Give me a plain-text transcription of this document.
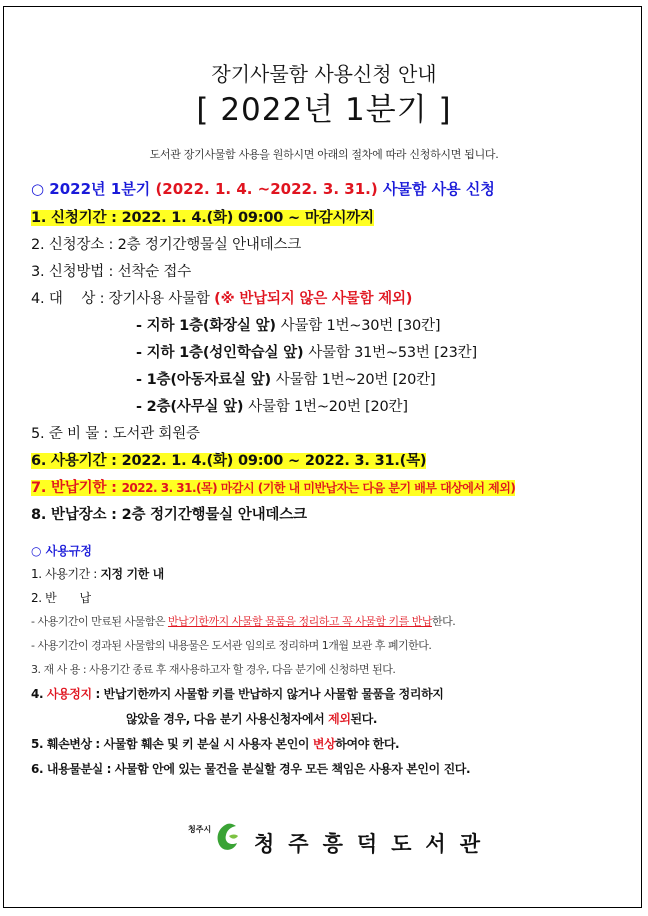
장기사물함 사용신청 안내
[ 2022년 1분기 ]
도서관 장기사물함 사용을 원하시면 아래의 절차에 따라 신청하시면 됩니다.
○ 2022년 1분기 (2022. 1. 4. ~2022. 3. 31.) 사물함 사용 신청
1. 신청기간 : 2022. 1. 4.(화) 09:00 ~ 마감시까지
2. 신청장소 : 2층 정기간행물실 안내데스크
3. 신청방법 : 선착순 접수
4. 대　 상 : 장기사용 사물함 (※ 반납되지 않은 사물함 제외)
- 지하 1층(화장실 앞) 사물함 1번~30번 [30칸]
- 지하 1층(성인학습실 앞) 사물함 31번~53번 [23칸]
- 1층(아동자료실 앞) 사물함 1번~20번 [20칸]
- 2층(사무실 앞) 사물함 1번~20번 [20칸]
5. 준 비 물 : 도서관 회원증
6. 사용기간 : 2022. 1. 4.(화) 09:00 ~ 2022. 3. 31.(목)
7. 반납기한 : 2022. 3. 31.(목) 마감시 (기한 내 미반납자는 다음 분기 배부 대상에서 제외)
8. 반납장소 : 2층 정기간행물실 안내데스크
○ 사용규정
1. 사용기간 : 지정 기한 내
2. 반　　납
- 사용기간이 만료된 사물함은 반납기한까지 사물함 물품을 정리하고 꼭 사물함 키를 반납한다.
- 사용기간이 경과된 사물함의 내용물은 도서관 임의로 정리하며 1개월 보관 후 폐기한다.
3. 재 사 용 : 사용기간 종료 후 재사용하고자 할 경우, 다음 분기에 신청하면 된다.
4. 사용정지 : 반납기한까지 사물함 키를 반납하지 않거나 사물함 물품을 정리하지
않았을 경우, 다음 분기 사용신청자에서 제외된다.
5. 훼손변상 : 사물함 훼손 및 키 분실 시 사용자 본인이 변상하여야 한다.
6. 내용물분실 : 사물함 안에 있는 물건을 분실할 경우 모든 책임은 사용자 본인이 진다.
청주시
청주흥덕도서관
